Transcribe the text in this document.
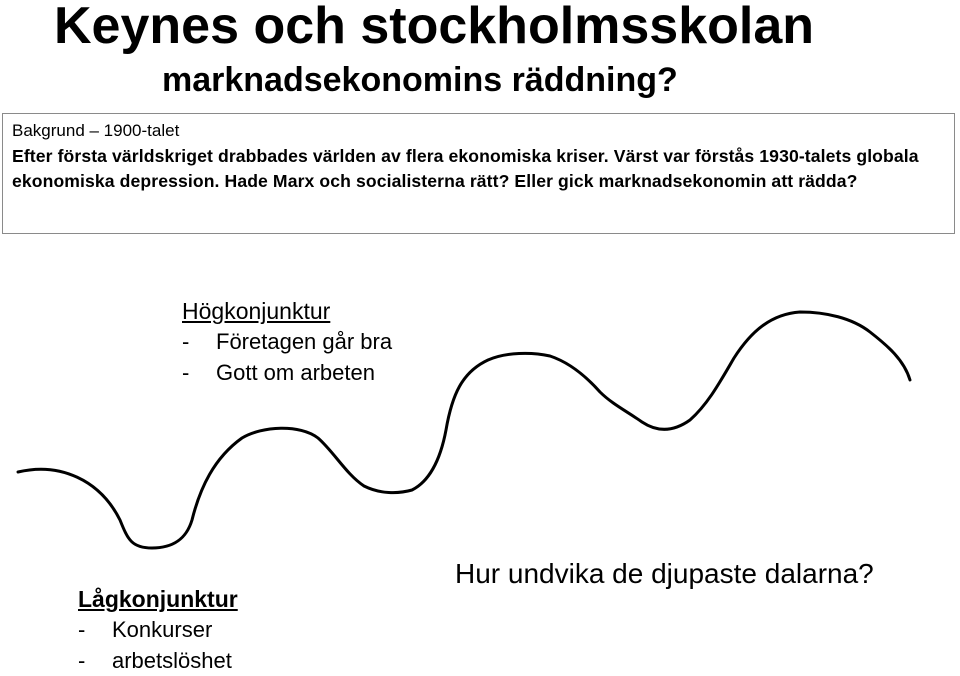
Keynes och stockholmsskolan
marknadsekonomins räddning?
Bakgrund – 1900-talet
Efter första världskriget drabbades världen av flera ekonomiska kriser. Värst var förstås 1930-talets globala ekonomiska depression. Hade Marx och socialisterna rätt? Eller gick marknadsekonomin att rädda?
Högkonjunktur
- Företagen går bra
- Gott om arbeten
Lågkonjunktur
- Konkurser
- arbetslöshet

Hur undvika de djupaste dalarna?
